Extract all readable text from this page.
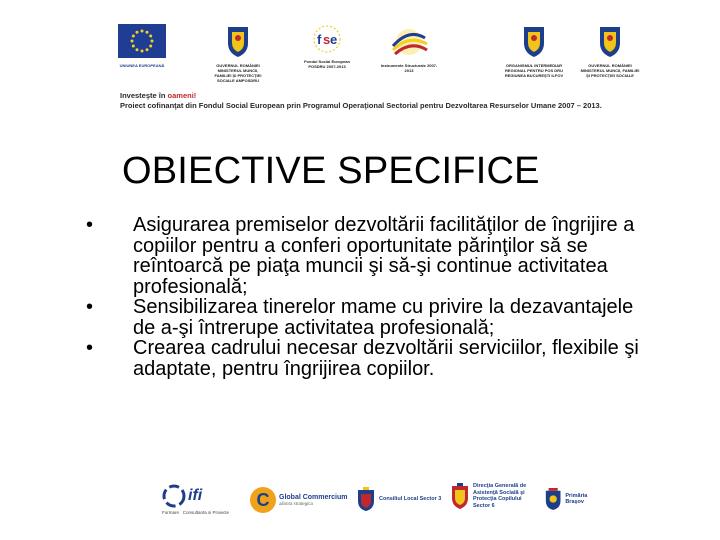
UNIUNEA EUROPEANĂ	GUVERNUL ROMÂNIEI MINISTERUL MUNCII, FAMILIEI ŞI PROTECŢIEI SOCIALE AMPOSDRU
f s e
Fondul Social European POSDRU 2007-2013	Instrumente Structurale 2007-2013
ORGANISMUL INTERMEDIAR REGIONAL PENTRU POS DRU REGIUNEA BUCUREŞTI ILFOV
GUVERNUL ROMÂNIEI MINISTERUL MUNCII, FAMILIEI ŞI PROTECŢIEI SOCIALE
Investeşte în oameni!
Proiect cofinanţat din Fondul Social European prin Programul Operaţional Sectorial pentru Dezvoltarea Resurselor Umane 2007 – 2013.
OBIECTIVE SPECIFICE
• Asigurarea premiselor dezvoltării facilităţilor de îngrijire a copiilor pentru a conferi oportunitate părinţilor să se reîntoarcă pe piaţa muncii şi să-şi continue activitatea profesională;
• Sensibilizarea tinerelor mame cu privire la dezavantajele de a-şi întrerupe activitatea profesională;
• Crearea cadrului necesar dezvoltării serviciilor, flexibile şi adaptate, pentru îngrijirea copiilor.
ifi
Formare Consultanta si Proiecte
C Global Commercium
alianta strategica
Consiliul Local Sector 3
Direcţia Generală de
Asistenţă Socială şi
Protecţia Copilului
Sector 6
Primăria Braşov
